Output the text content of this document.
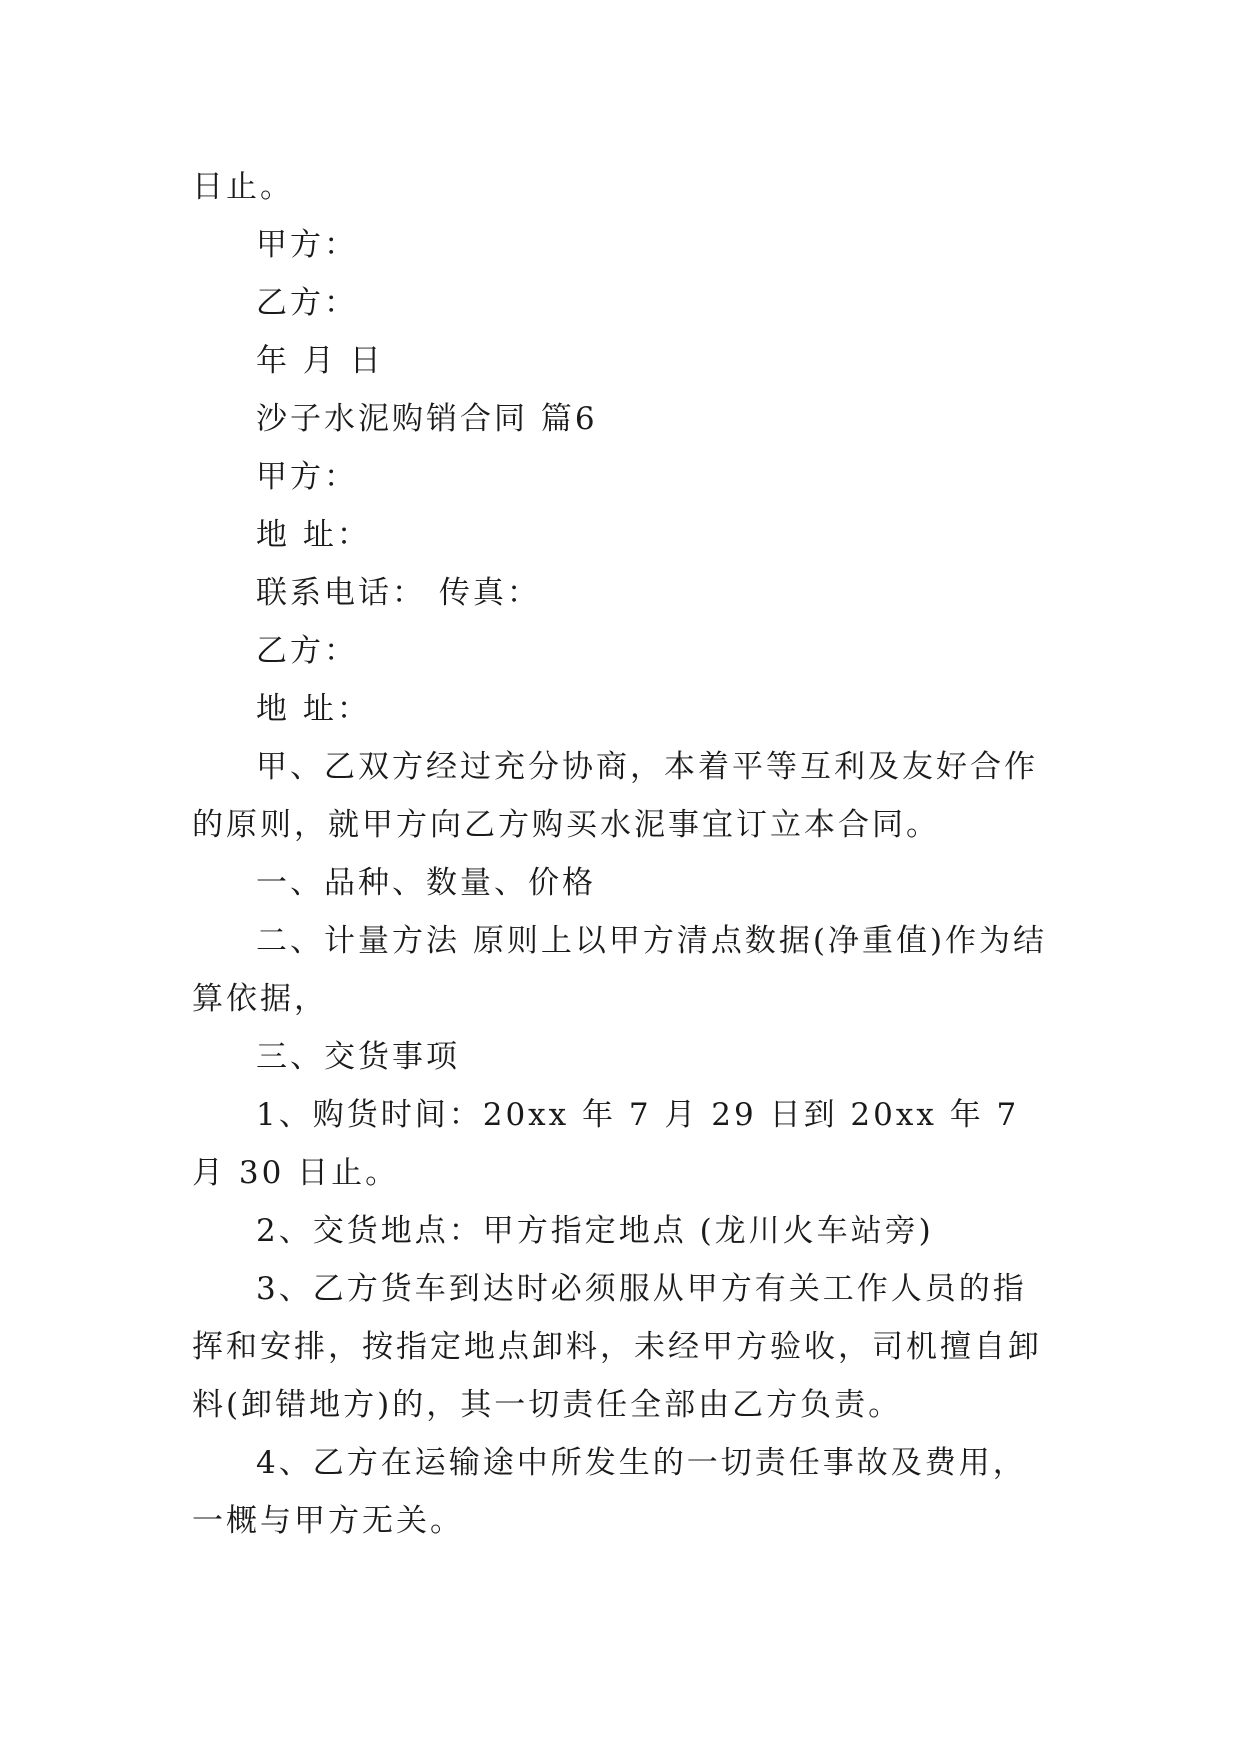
日止。

甲方：

乙方：

年 月 日

沙子水泥购销合同 篇6

甲方：

地 址：

联系电话： 传真：

乙方：

地 址：

甲、乙双方经过充分协商，本着平等互利及友好合作的原则，就甲方向乙方购买水泥事宜订立本合同。

一、品种、数量、价格

二、计量方法 原则上以甲方清点数据(净重值)作为结算依据，

三、交货事项

1、购货时间：20xx 年 7 月 29 日到 20xx 年 7 月 30 日止。

2、交货地点：甲方指定地点 (龙川火车站旁)

3、乙方货车到达时必须服从甲方有关工作人员的指挥和安排，按指定地点卸料，未经甲方验收，司机擅自卸料(卸错地方)的，其一切责任全部由乙方负责。

4、乙方在运输途中所发生的一切责任事故及费用，一概与甲方无关。
